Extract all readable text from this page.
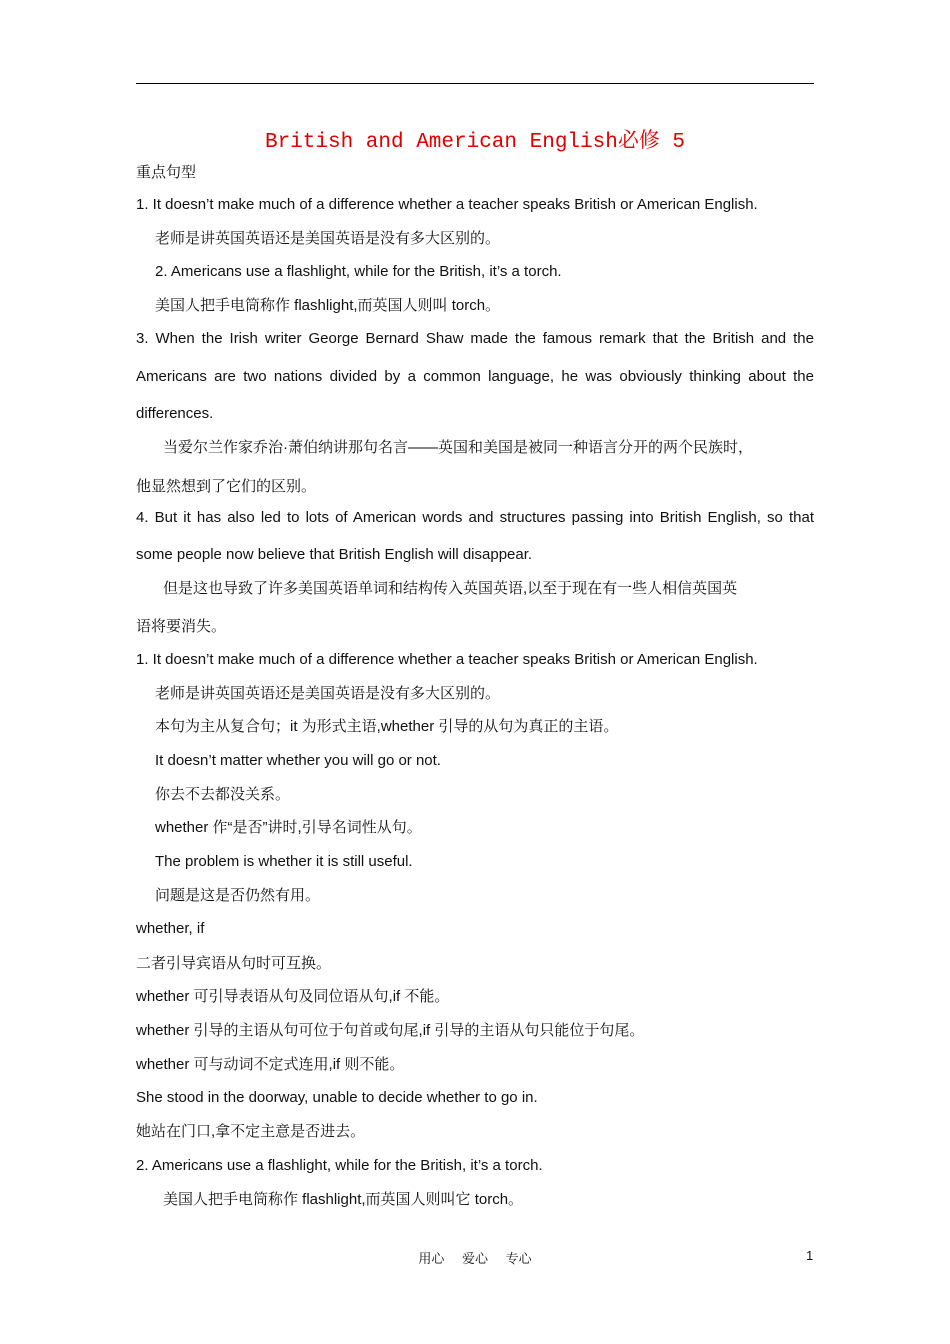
British and American English必修 5
重点句型
1. It doesn’t make much of a difference whether a teacher speaks British or American English.
老师是讲英国英语还是美国英语是没有多大区别的。
2. Americans use a flashlight, while for the British, it’s a torch.
美国人把手电筒称作 flashlight,而英国人则叫 torch。
3. When the Irish writer George Bernard Shaw made the famous remark that the British and the
Americans are two nations divided by a common language, he was obviously thinking about the
differences.
当爱尔兰作家乔治·萧伯纳讲那句名言——英国和美国是被同一种语言分开的两个民族时，
他显然想到了它们的区别。
4. But it has also led to lots of American words and structures passing into British English, so that
some people now believe that British English will disappear.
但是这也导致了许多美国英语单词和结构传入英国英语,以至于现在有一些人相信英国英
语将要消失。
1. It doesn’t make much of a difference whether a teacher speaks British or American English.
老师是讲英国英语还是美国英语是没有多大区别的。
本句为主从复合句；it 为形式主语,whether 引导的从句为真正的主语。
It doesn’t matter whether you will go or not.
你去不去都没关系。
whether 作“是否”讲时,引导名词性从句。
The problem is whether it is still useful.
问题是这是否仍然有用。
whether, if
二者引导宾语从句时可互换。
whether 可引导表语从句及同位语从句,if 不能。
whether 引导的主语从句可位于句首或句尾,if 引导的主语从句只能位于句尾。
whether 可与动词不定式连用,if 则不能。
She stood in the doorway, unable to decide whether to go in.
她站在门口,拿不定主意是否进去。
2. Americans use a flashlight, while for the British, it’s a torch.
美国人把手电筒称作 flashlight,而英国人则叫它 torch。
用心 爱心 专心	1
